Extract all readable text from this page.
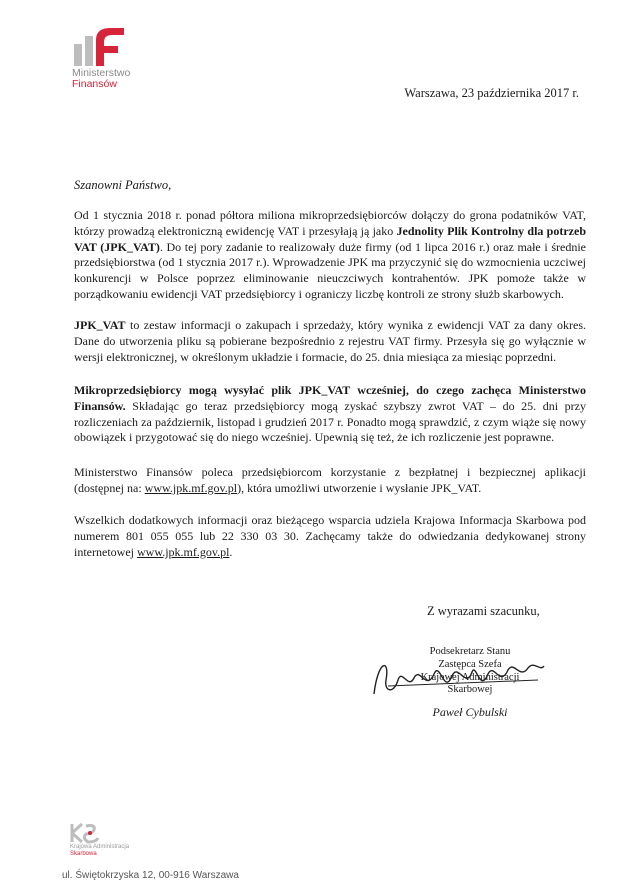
Ministerstwo
Finansów
Warszawa, 23 października 2017 r.
Szanowni Państwo,
Od 1 stycznia 2018 r. ponad półtora miliona mikroprzedsiębiorców dołączy do grona podatników VAT, którzy prowadzą elektroniczną ewidencję VAT i przesyłają ją jako Jednolity Plik Kontrolny dla potrzeb VAT (JPK_VAT). Do tej pory zadanie to realizowały duże firmy (od 1 lipca 2016 r.) oraz małe i średnie przedsiębiorstwa (od 1 stycznia 2017 r.). Wprowadzenie JPK ma przyczynić się do wzmocnienia uczciwej konkurencji w Polsce poprzez eliminowanie nieuczciwych kontrahentów. JPK pomoże także w porządkowaniu ewidencji VAT przedsiębiorcy i ograniczy liczbę kontroli ze strony służb skarbowych.
JPK_VAT to zestaw informacji o zakupach i sprzedaży, który wynika z ewidencji VAT za dany okres. Dane do utworzenia pliku są pobierane bezpośrednio z rejestru VAT firmy. Przesyła się go wyłącznie w wersji elektronicznej, w określonym układzie i formacie, do 25. dnia miesiąca za miesiąc poprzedni.
Mikroprzedsiębiorcy mogą wysyłać plik JPK_VAT wcześniej, do czego zachęca Ministerstwo Finansów. Składając go teraz przedsiębiorcy mogą zyskać szybszy zwrot VAT – do 25. dni przy rozliczeniach za październik, listopad i grudzień 2017 r. Ponadto mogą sprawdzić, z czym wiąże się nowy obowiązek i przygotować się do niego wcześniej. Upewnią się też, że ich rozliczenie jest poprawne.
Ministerstwo Finansów poleca przedsiębiorcom korzystanie z bezpłatnej i bezpiecznej aplikacji (dostępnej na: www.jpk.mf.gov.pl), która umożliwi utworzenie i wysłanie JPK_VAT.
Wszelkich dodatkowych informacji oraz bieżącego wsparcia udziela Krajowa Informacja Skarbowa pod numerem 801 055 055 lub 22 330 03 30. Zachęcamy także do odwiedzania dedykowanej strony internetowej www.jpk.mf.gov.pl.
Z wyrazami szacunku,
Podsekretarz Stanu
Zastępca Szefa
Krajowej Administracji Skarbowej
Paweł Cybulski
Krajowa Administracja
Skarbowa
ul. Świętokrzyska 12, 00-916 Warszawa
